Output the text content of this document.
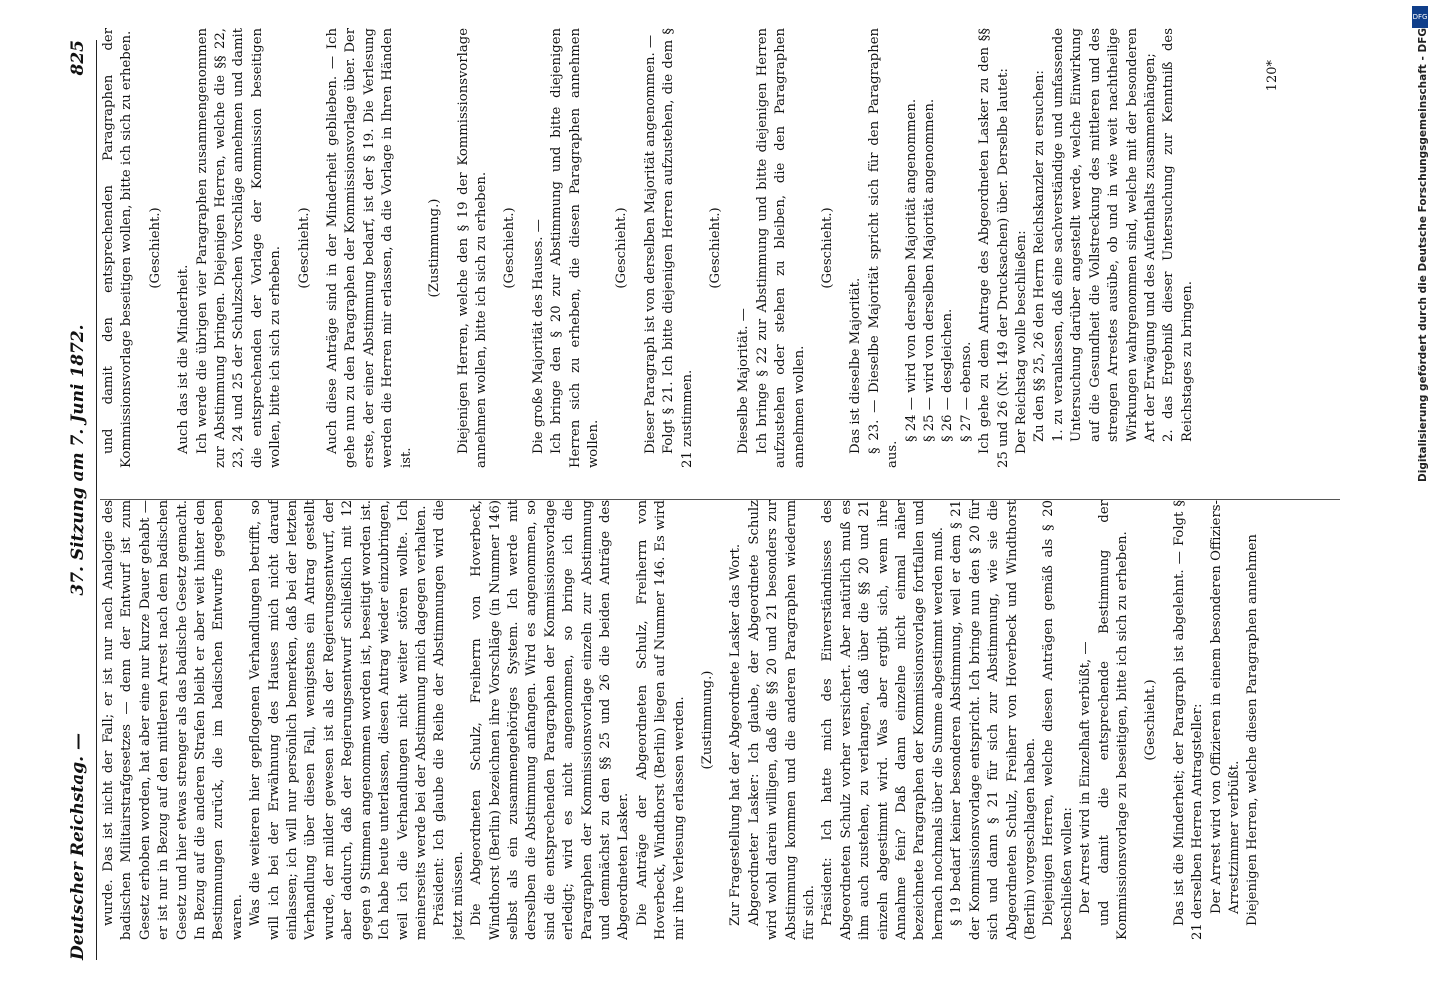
Deutscher Reichstag. —
37. Sitzung am 7. Juni 1872.
825

wurde. Das ist nicht der Fall; er ist nur nach Analogie des badischen Militairstrafgesetzes — denn der Entwurf ist zum Gesetz erhoben worden, hat aber eine nur kurze Dauer gehabt — er ist nur in Bezug auf den mittleren Arrest nach dem badischen Gesetz und hier etwas strenger als das badische Gesetz gemacht. In Bezug auf die anderen Strafen bleibt er aber weit hinter den Bestimmungen zurück, die im badischen Entwurfe gegeben waren. Was die weiteren hier gepflogenen Verhandlungen betrifft, so will ich bei der Erwähnung des Hauses mich nicht darauf einlassen; ich will nur persönlich bemerken, daß bei der letzten Verhandlung über diesen Fall, wenigstens ein Antrag gestellt wurde, der milder gewesen ist als der Regierungsentwurf, der aber dadurch, daß der Regierungsentwurf schließlich mit 12 gegen 9 Stimmen angenommen worden ist, beseitigt worden ist. Ich habe heute unterlassen, diesen Antrag wieder einzubringen, weil ich die Verhandlungen nicht weiter stören wollte. Ich meinerseits werde bei der Abstimmung mich dagegen verhalten. Präsident: Ich glaube die Reihe der Abstimmungen wird die jetzt müssen. Die Abgeordneten Schulz, Freiherrn von Hoverbeck, Windthorst (Berlin) bezeichnen ihre Vorschläge (in Nummer 146) selbst als ein zusammengehöriges System. Ich werde mit derselben die Abstimmung anfangen. Wird es angenommen, so sind die entsprechenden Paragraphen der Kommissionsvorlage erledigt; wird es nicht angenommen, so bringe ich die Paragraphen der Kommissionsvorlage einzeln zur Abstimmung und demnächst zu den §§ 25 und 26 die beiden Anträge des Abgeordneten Lasker. Die Anträge der Abgeordneten Schulz, Freiherrn von Hoverbeck, Windthorst (Berlin) liegen auf Nummer 146. Es wird mir ihre Verlesung erlassen werden. (Zustimmung.) Zur Fragestellung hat der Abgeordnete Lasker das Wort. Abgeordneter Lasker: Ich glaube, der Abgeordnete Schulz wird wohl darein willigen, daß die §§ 20 und 21 besonders zur Abstimmung kommen und die anderen Paragraphen wiederum für sich. Präsident: Ich hatte mich des Einverständnisses des Abgeordneten Schulz vorher versichert. Aber natürlich muß es ihm auch zustehen, zu verlangen, daß über die §§ 20 und 21 einzeln abgestimmt wird. Was aber ergibt sich, wenn ihre Annahme fein? Daß dann einzelne nicht einmal näher bezeichnete Paragraphen der Kommissionsvorlage fortfallen und hernach nochmals über die Summe abgestimmt werden muß. § 19 bedarf keiner besonderen Abstimmung, weil er dem § 21 der Kommissionsvorlage entspricht. Ich bringe nun den § 20 für sich und dann § 21 für sich zur Abstimmung, wie sie die Abgeordneten Schulz, Freiherr von Hoverbeck und Windthorst (Berlin) vorgeschlagen haben. Diejenigen Herren, welche diesen Anträgen gemäß als § 20 beschließen wollen: Der Arrest wird in Einzelhaft verbüßt, — und damit die entsprechende Bestimmung der Kommissionsvorlage zu beseitigen, bitte ich sich zu erheben. (Geschieht.) Das ist die Minderheit; der Paragraph ist abgelehnt. — Folgt § 21 derselben Herren Antragsteller: Der Arrest wird von Offizieren in einem besonderen Offiziers-Arrestzimmer verbüßt. Diejenigen Herren, welche diesen Paragraphen annehmen

und damit den entsprechenden Paragraphen der Kommissionsvorlage beseitigen wollen, bitte ich sich zu erheben. (Geschieht.)

Auch das ist die Minderheit. Ich werde die übrigen vier Paragraphen zusammengenommen zur Abstimmung bringen. Diejenigen Herren, welche die §§ 22, 23, 24 und 25 der Schulzschen Vorschläge annehmen und damit die entsprechenden der Vorlage der Kommission beseitigen wollen, bitte ich sich zu erheben. (Geschieht.) Auch diese Anträge sind in der Minderheit geblieben. — Ich gehe nun zu den Paragraphen der Kommissionsvorlage über. Der erste, der einer Abstimmung bedarf, ist der § 19. Die Verlesung werden die Herren mir erlassen, da die Vorlage in Ihren Händen ist.

(Zustimmung.) Diejenigen Herren, welche den § 19 der Kommissionsvorlage annehmen wollen, bitte ich sich zu erheben. (Geschieht.) Die große Majorität des Hauses. — Ich bringe den § 20 zur Abstimmung und bitte diejenigen Herren sich zu erheben, die diesen Paragraphen annehmen wollen.

(Geschieht.) Dieser Paragraph ist von derselben Majorität angenommen. — Folgt § 21. Ich bitte diejenigen Herren aufzustehen, die dem § 21 zustimmen.

(Geschieht.)

Dieselbe Majorität. — Ich bringe § 22 zur Abstimmung und bitte diejenigen Herren aufzustehen oder stehen zu bleiben, die den Paragraphen annehmen wollen.

(Geschieht.)

Das ist dieselbe Majorität. § 23. — Dieselbe Majorität spricht sich für den Paragraphen aus.

§ 24 — wird von derselben Majorität angenommen. § 25 — wird von derselben Majorität angenommen. § 26 — desgleichen. § 27 — ebenso. Ich gehe zu dem Antrage des Abgeordneten Lasker zu den §§ 25 und 26 (Nr. 149 der Drucksachen) über. Derselbe lautet: Der Reichstag wolle beschließen: Zu den §§ 25, 26 den Herrn Reichskanzler zu ersuchen: 1. zu veranlassen, daß eine sachverständige und umfassende Untersuchung darüber angestellt werde, welche Einwirkung auf die Gesundheit die Vollstreckung des mittleren und des strengen Arrestes ausübe, ob und in wie weit nachtheilige Wirkungen wahrgenommen sind, welche mit der besonderen Art der Erwägung und des Aufenthalts zusammenhängen; 2. das Ergebniß dieser Untersuchung zur Kenntniß des Reichstages zu bringen.

120*	Digitalisierung gefördert durch die Deutsche Forschungsgemeinschaft - DFG
DFG
